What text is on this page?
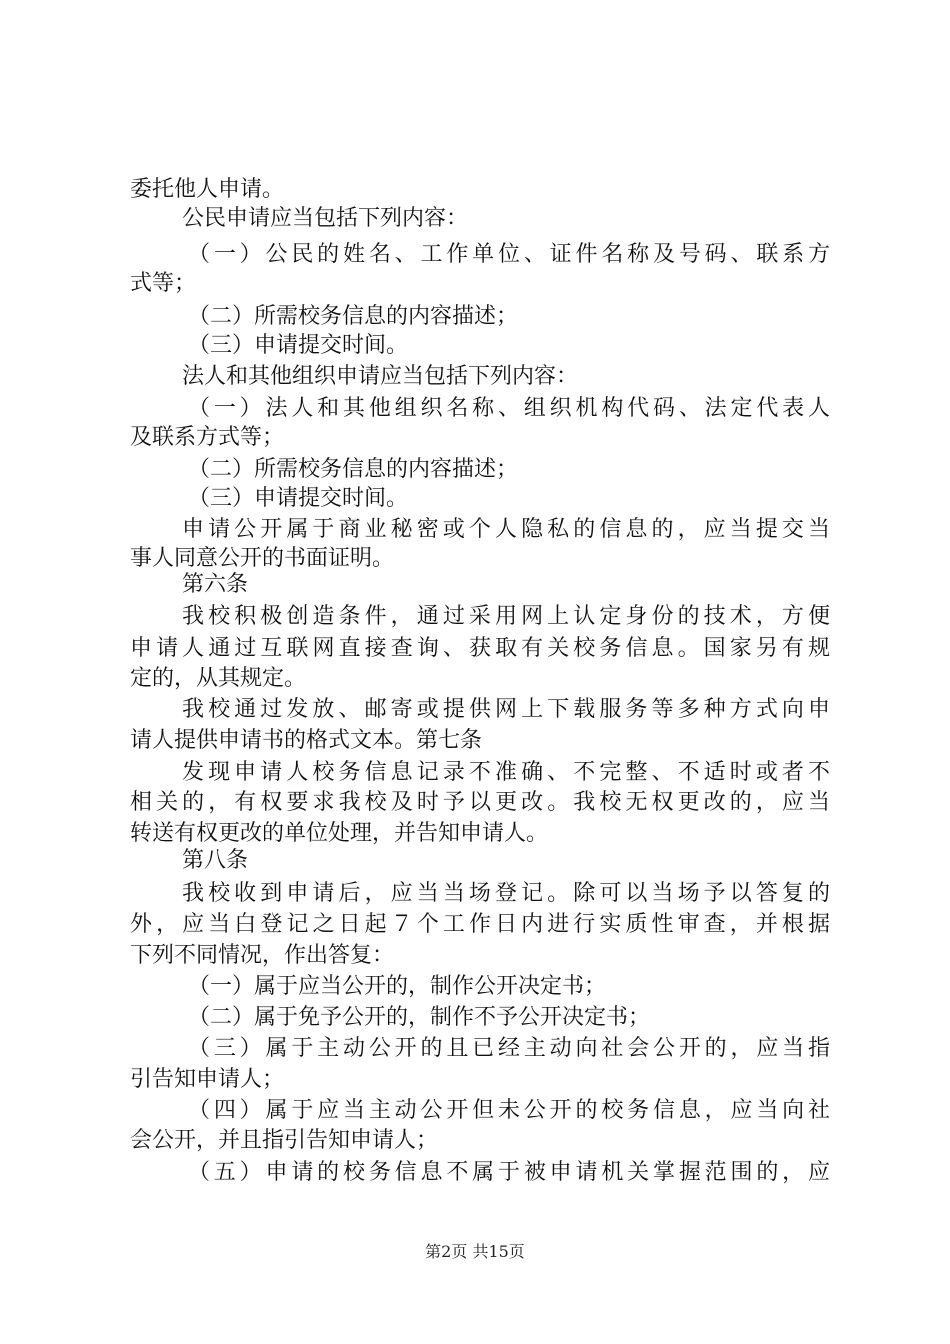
委托他人申请。
公民申请应当包括下列内容：
（一）公民的姓名、工作单位、证件名称及号码、联系方
式等；
（二）所需校务信息的内容描述；
（三）申请提交时间。
法人和其他组织申请应当包括下列内容：
（一）法人和其他组织名称、组织机构代码、法定代表人
及联系方式等；
（二）所需校务信息的内容描述；
（三）申请提交时间。
申请公开属于商业秘密或个人隐私的信息的，应当提交当
事人同意公开的书面证明。
第六条
我校积极创造条件，通过采用网上认定身份的技术，方便
申请人通过互联网直接查询、获取有关校务信息。国家另有规
定的，从其规定。
我校通过发放、邮寄或提供网上下载服务等多种方式向申
请人提供申请书的格式文本。第七条
发现申请人校务信息记录不准确、不完整、不适时或者不
相关的，有权要求我校及时予以更改。我校无权更改的，应当
转送有权更改的单位处理，并告知申请人。
第八条
我校收到申请后，应当当场登记。除可以当场予以答复的
外，应当白登记之日起７个工作日内进行实质性审查，并根据
下列不同情况，作出答复：
（一）属于应当公开的，制作公开决定书；
（二）属于免予公开的，制作不予公开决定书；
（三）属于主动公开的且已经主动向社会公开的，应当指
引告知申请人；
（四）属于应当主动公开但未公开的校务信息，应当向社
会公开，并且指引告知申请人；
（五）申请的校务信息不属于被申请机关掌握范围的，应
第2页 共15页
